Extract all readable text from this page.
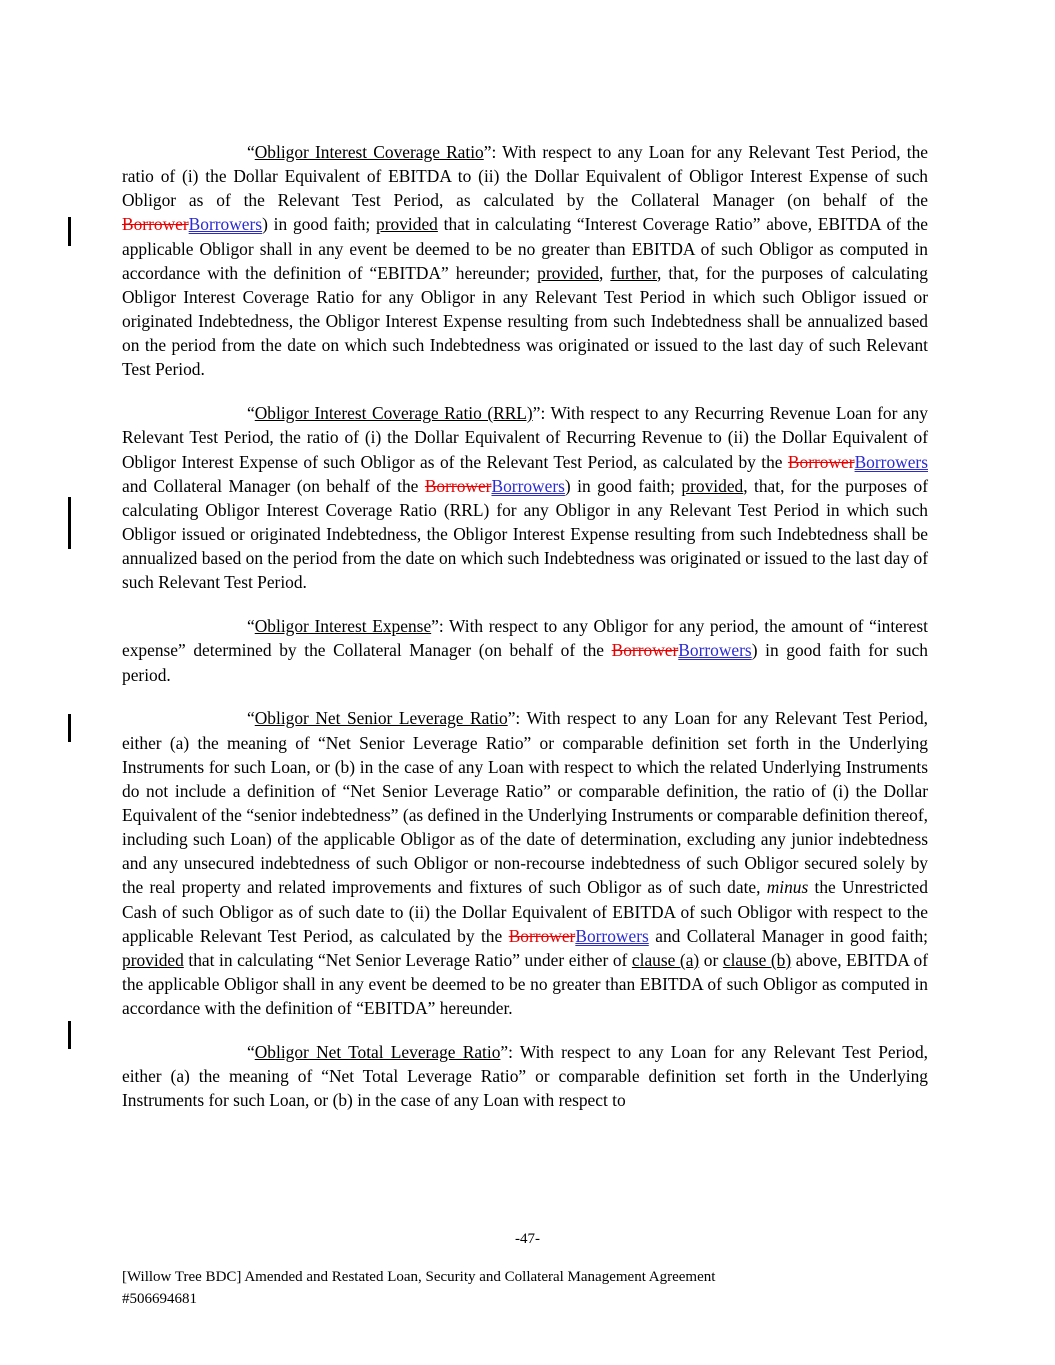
“Obligor Interest Coverage Ratio”: With respect to any Loan for any Relevant Test Period, the ratio of (i) the Dollar Equivalent of EBITDA to (ii) the Dollar Equivalent of Obligor Interest Expense of such Obligor as of the Relevant Test Period, as calculated by the Collateral Manager (on behalf of the BorrowerBorrowers) in good faith; provided that in calculating “Interest Coverage Ratio” above, EBITDA of the applicable Obligor shall in any event be deemed to be no greater than EBITDA of such Obligor as computed in accordance with the definition of “EBITDA” hereunder; provided, further, that, for the purposes of calculating Obligor Interest Coverage Ratio for any Obligor in any Relevant Test Period in which such Obligor issued or originated Indebtedness, the Obligor Interest Expense resulting from such Indebtedness shall be annualized based on the period from the date on which such Indebtedness was originated or issued to the last day of such Relevant Test Period.

“Obligor Interest Coverage Ratio (RRL)”: With respect to any Recurring Revenue Loan for any Relevant Test Period, the ratio of (i) the Dollar Equivalent of Recurring Revenue to (ii) the Dollar Equivalent of Obligor Interest Expense of such Obligor as of the Relevant Test Period, as calculated by the BorrowerBorrowers and Collateral Manager (on behalf of the BorrowerBorrowers) in good faith; provided, that, for the purposes of calculating Obligor Interest Coverage Ratio (RRL) for any Obligor in any Relevant Test Period in which such Obligor issued or originated Indebtedness, the Obligor Interest Expense resulting from such Indebtedness shall be annualized based on the period from the date on which such Indebtedness was originated or issued to the last day of such Relevant Test Period.

“Obligor Interest Expense”: With respect to any Obligor for any period, the amount of “interest expense” determined by the Collateral Manager (on behalf of the BorrowerBorrowers) in good faith for such period.

“Obligor Net Senior Leverage Ratio”: With respect to any Loan for any Relevant Test Period, either (a) the meaning of “Net Senior Leverage Ratio” or comparable definition set forth in the Underlying Instruments for such Loan, or (b) in the case of any Loan with respect to which the related Underlying Instruments do not include a definition of “Net Senior Leverage Ratio” or comparable definition, the ratio of (i) the Dollar Equivalent of the “senior indebtedness” (as defined in the Underlying Instruments or comparable definition thereof, including such Loan) of the applicable Obligor as of the date of determination, excluding any junior indebtedness and any unsecured indebtedness of such Obligor or non-recourse indebtedness of such Obligor secured solely by the real property and related improvements and fixtures of such Obligor as of such date, minus the Unrestricted Cash of such Obligor as of such date to (ii) the Dollar Equivalent of EBITDA of such Obligor with respect to the applicable Relevant Test Period, as calculated by the BorrowerBorrowers and Collateral Manager in good faith; provided that in calculating “Net Senior Leverage Ratio” under either of clause (a) or clause (b) above, EBITDA of the applicable Obligor shall in any event be deemed to be no greater than EBITDA of such Obligor as computed in accordance with the definition of “EBITDA” hereunder.

“Obligor Net Total Leverage Ratio”: With respect to any Loan for any Relevant Test Period, either (a) the meaning of “Net Total Leverage Ratio” or comparable definition set forth in the Underlying Instruments for such Loan, or (b) in the case of any Loan with respect to

-47-
[Willow Tree BDC] Amended and Restated Loan, Security and Collateral Management Agreement
#506694681
